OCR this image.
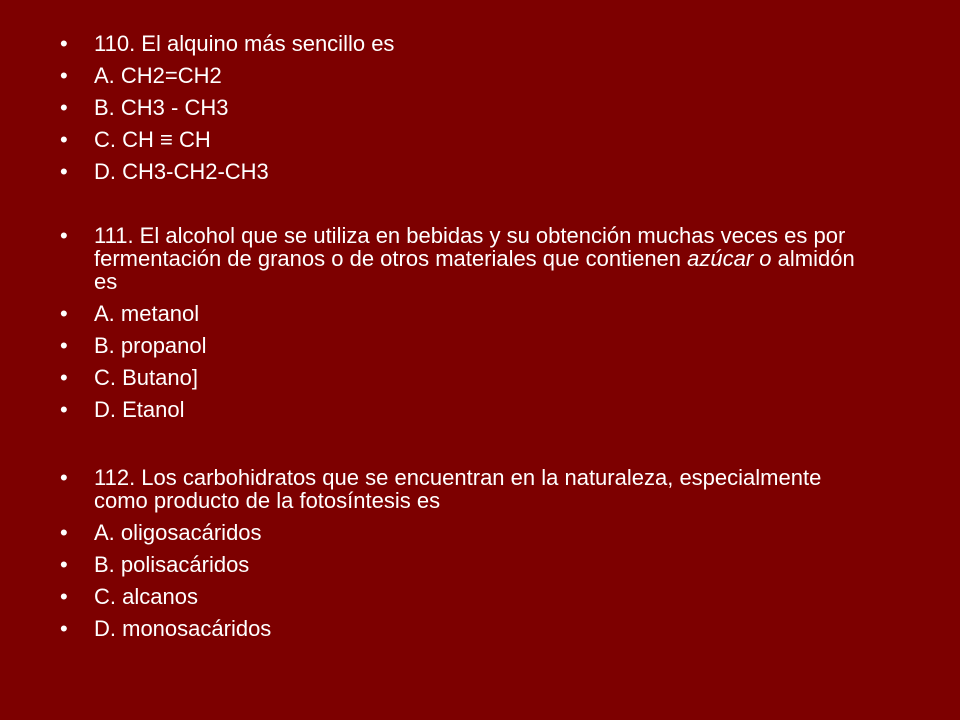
•	110. El alquino más sencillo es
•	A. CH2=CH2
•	B. CH3 - CH3
•	C. CH ≡ CH
•	D. CH3-CH2-CH3
•	111. El alcohol que se utiliza en bebidas y su obtención muchas veces es por fermentación de granos o de otros materiales que contienen azúcar o almidón es
•	A. metanol
•	B. propanol
•	C. Butano]
•	D. Etanol
•	112. Los carbohidratos que se encuentran en la naturaleza, especialmente como producto de la fotosíntesis es
•	A. oligosacáridos
•	B. polisacáridos
•	C. alcanos
•	D. monosacáridos
